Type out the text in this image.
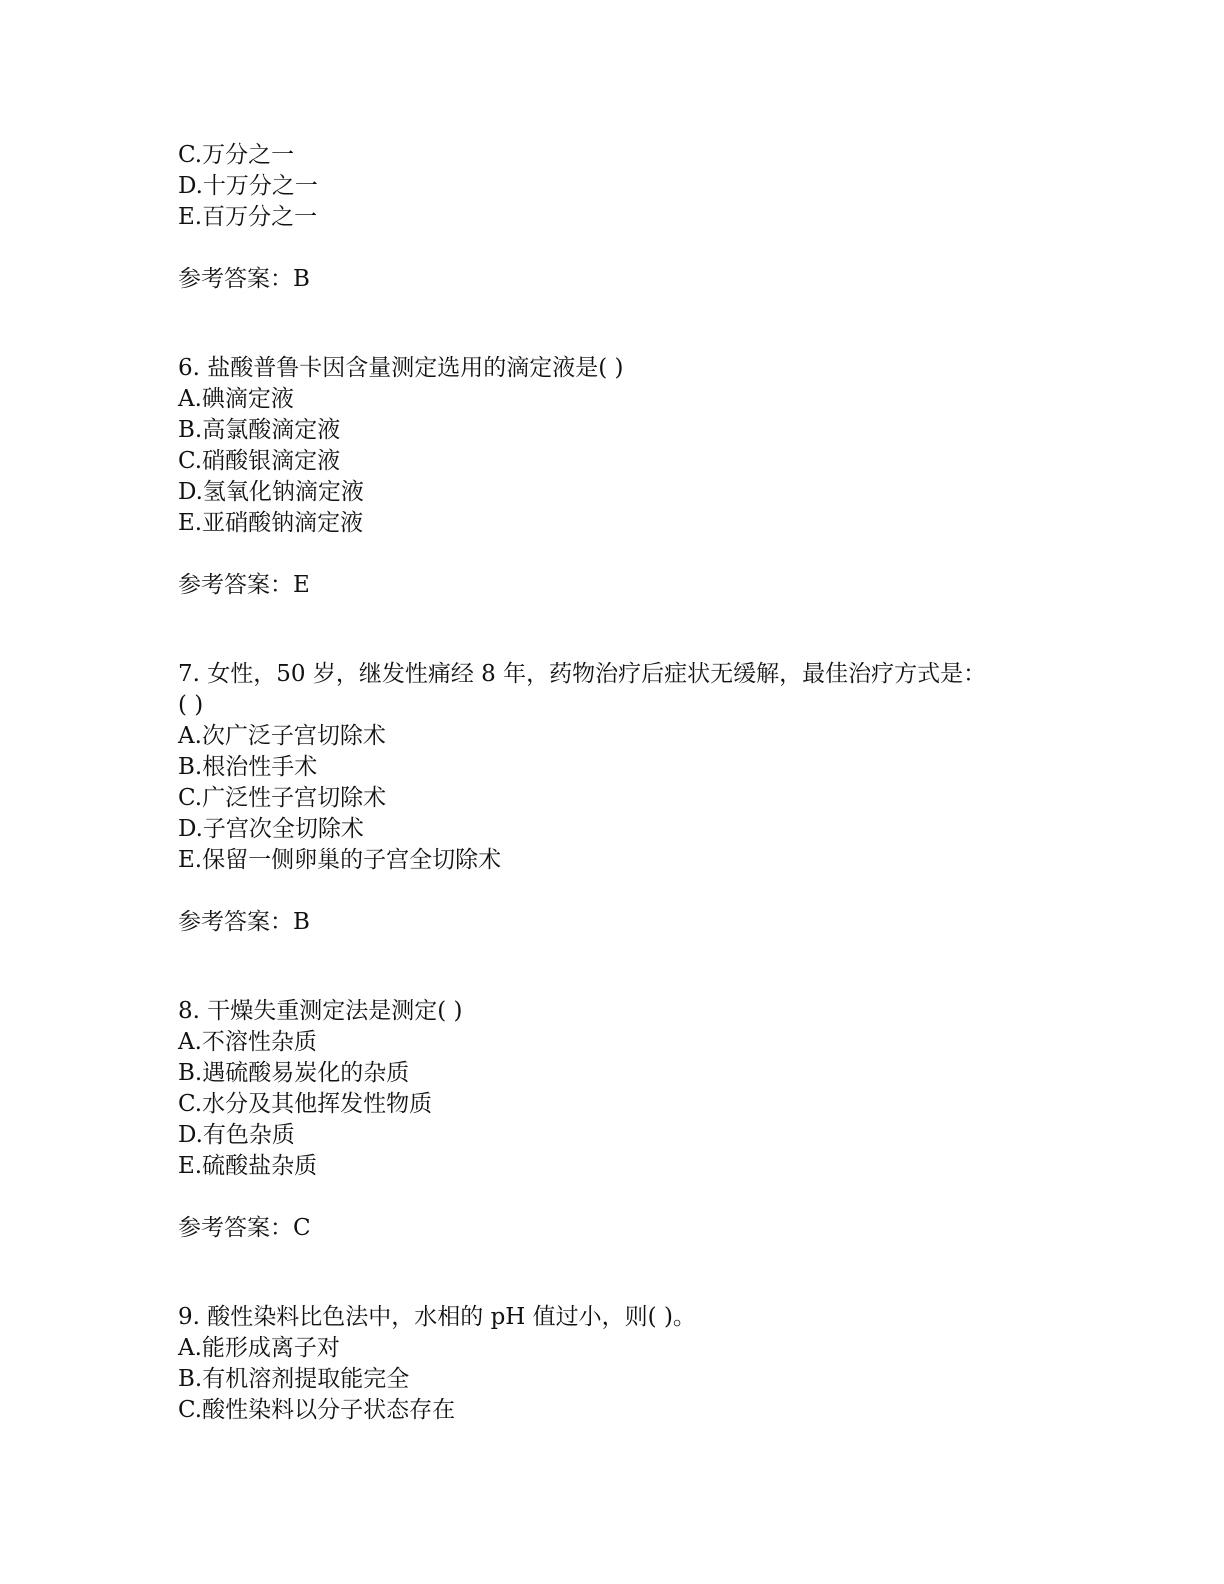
C.万分之一
D.十万分之一
E.百万分之一
参考答案：B
6. 盐酸普鲁卡因含量测定选用的滴定液是( )
A.碘滴定液
B.高氯酸滴定液
C.硝酸银滴定液
D.氢氧化钠滴定液
E.亚硝酸钠滴定液
参考答案：E
7. 女性，50 岁，继发性痛经 8 年，药物治疗后症状无缓解，最佳治疗方式是：
( )
A.次广泛子宫切除术
B.根治性手术
C.广泛性子宫切除术
D.子宫次全切除术
E.保留一侧卵巢的子宫全切除术
参考答案：B
8. 干燥失重测定法是测定( )
A.不溶性杂质
B.遇硫酸易炭化的杂质
C.水分及其他挥发性物质
D.有色杂质
E.硫酸盐杂质
参考答案：C
9. 酸性染料比色法中，水相的 pH 值过小，则( )。
A.能形成离子对
B.有机溶剂提取能完全
C.酸性染料以分子状态存在
